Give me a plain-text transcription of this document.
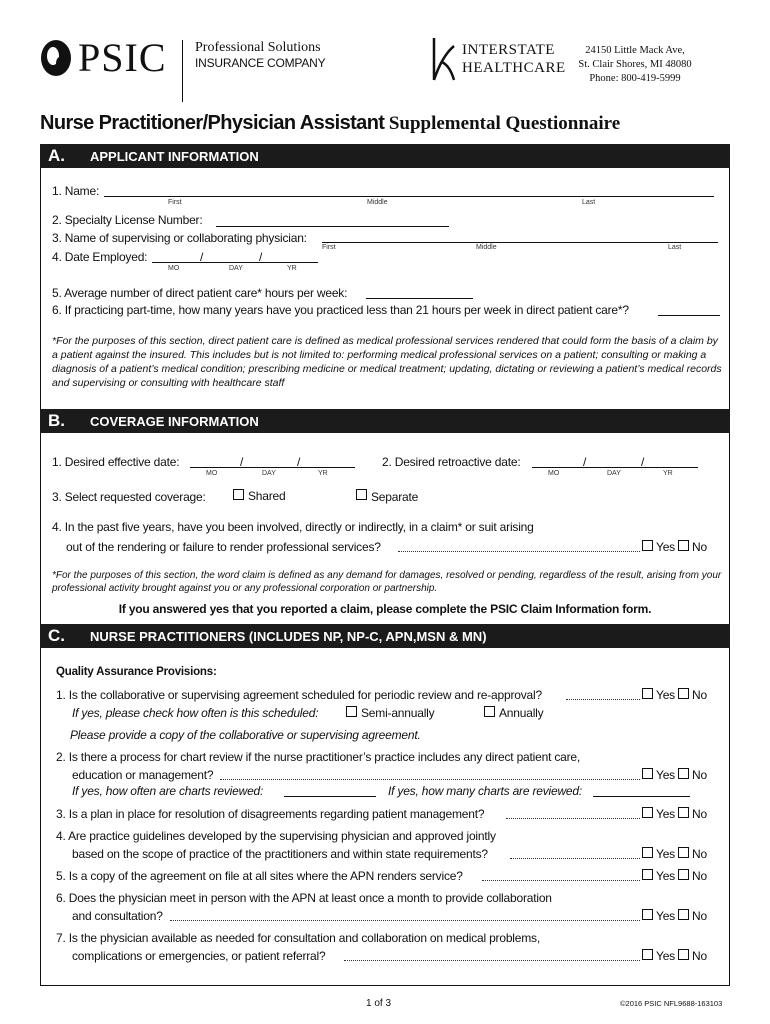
PSIC Professional Solutions
INSURANCE COMPANY
INTERSTATE
HEALTHCARE
24150 Little Mack Ave,
St. Clair Shores, MI 48080
Phone: 800-419-5999
Nurse Practitioner/Physician Assistant Supplemental Questionnaire
A. APPLICANT INFORMATION
1. Name:
First	Middle	Last
2. Specialty License Number:
3. Name of supervising or collaborating physician:
First	Middle	Last
4. Date Employed:	/	/
MO	DAY	YR
5. Average number of direct patient care* hours per week:
6. If practicing part-time, how many years have you practiced less than 21 hours per week in direct patient care*?
*For the purposes of this section, direct patient care is defined as medical professional services rendered that could form the basis of a claim by a patient against the insured. This includes but is not limited to: performing medical professional services on a patient; consulting or making a diagnosis of a patient’s medical condition; prescribing medicine or medical treatment; updating, dictating or reviewing a patient’s medical records and supervising or consulting with healthcare staff
B. COVERAGE INFORMATION
1. Desired effective date:	/	/
MO	DAY	YR
2. Desired retroactive date:	/	/
MO	DAY	YR
3. Select requested coverage:	Shared	Separate
4. In the past five years, have you been involved, directly or indirectly, in a claim* or suit arising
out of the rendering or failure to render professional services?	Yes No
*For the purposes of this section, the word claim is defined as any demand for damages, resolved or pending, regardless of the result, arising from your professional activity brought against you or any professional corporation or partnership.
If you answered yes that you reported a claim, please complete the PSIC Claim Information form.
C. NURSE PRACTITIONERS (INCLUDES NP, NP-C, APN,MSN & MN)
Quality Assurance Provisions:
1. Is the collaborative or supervising agreement scheduled for periodic review and re-approval?	Yes No
If yes, please check how often is this scheduled:	Semi-annually	Annually
Please provide a copy of the collaborative or supervising agreement.
2. Is there a process for chart review if the nurse practitioner’s practice includes any direct patient care,
education or management?	Yes No
If yes, how often are charts reviewed:	If yes, how many charts are reviewed:
3. Is a plan in place for resolution of disagreements regarding patient management?	Yes No
4. Are practice guidelines developed by the supervising physician and approved jointly
based on the scope of practice of the practitioners and within state requirements?	Yes No
5. Is a copy of the agreement on file at all sites where the APN renders service?	Yes No
6. Does the physician meet in person with the APN at least once a month to provide collaboration
and consultation?	Yes No
7. Is the physician available as needed for consultation and collaboration on medical problems,
complications or emergencies, or patient referral?	Yes No
1 of 3	©2016 PSIC NFL9688-163103
